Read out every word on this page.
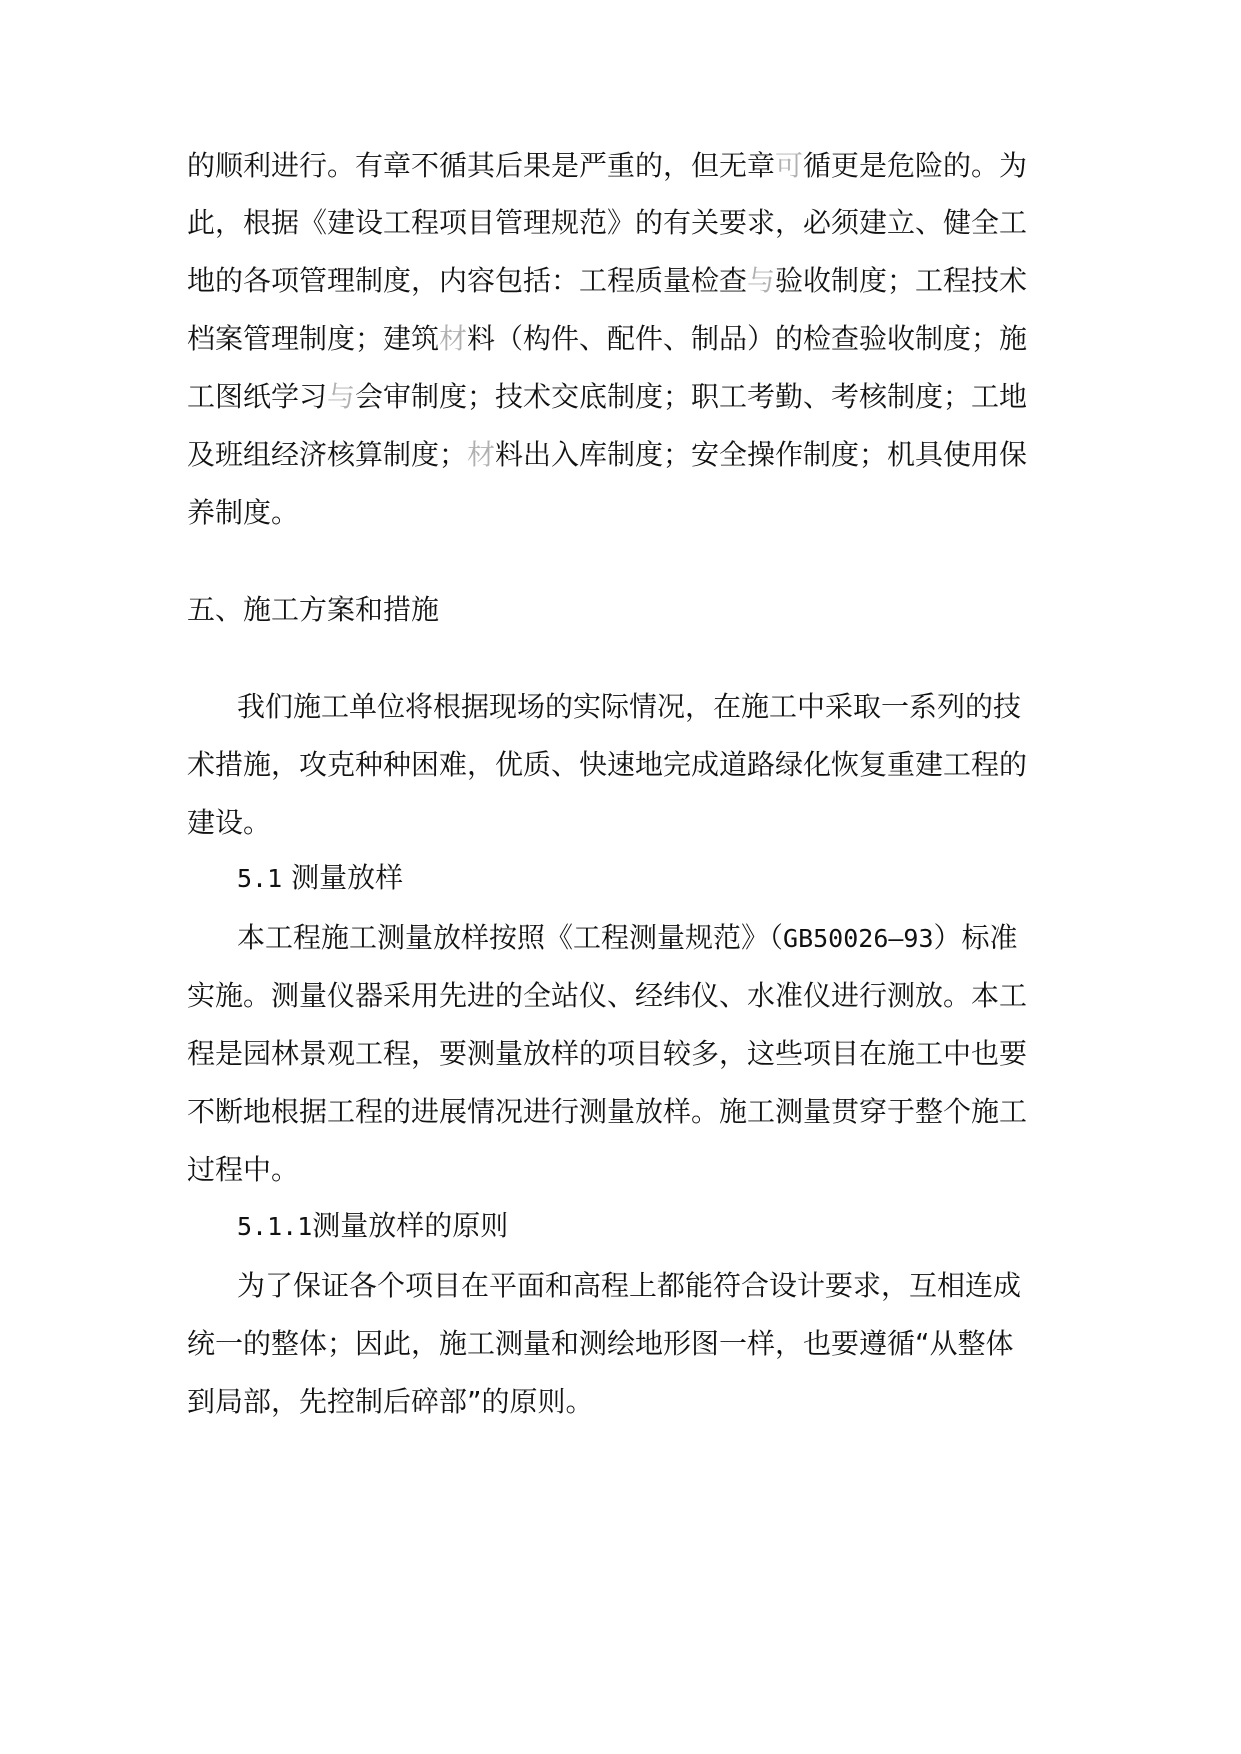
的顺利进行。有章不循其后果是严重的，但无章可循更是危险的。为
此，根据《建设工程项目管理规范》的有关要求，必须建立、健全工
地的各项管理制度，内容包括：工程质量检查与验收制度；工程技术
档案管理制度；建筑材料（构件、配件、制品）的检查验收制度；施
工图纸学习与会审制度；技术交底制度；职工考勤、考核制度；工地
及班组经济核算制度；材料出入库制度；安全操作制度；机具使用保
养制度。
五、施工方案和措施
我们施工单位将根据现场的实际情况，在施工中采取一系列的技
术措施，攻克种种困难，优质、快速地完成道路绿化恢复重建工程的
建设。
5.1 测量放样
本工程施工测量放样按照《工程测量规范》（GB50026—93）标准
实施。测量仪器采用先进的全站仪、经纬仪、水准仪进行测放。本工
程是园林景观工程，要测量放样的项目较多，这些项目在施工中也要
不断地根据工程的进展情况进行测量放样。施工测量贯穿于整个施工
过程中。
5.1.1测量放样的原则
为了保证各个项目在平面和高程上都能符合设计要求，互相连成
统一的整体；因此，施工测量和测绘地形图一样，也要遵循“从整体
到局部，先控制后碎部”的原则。
